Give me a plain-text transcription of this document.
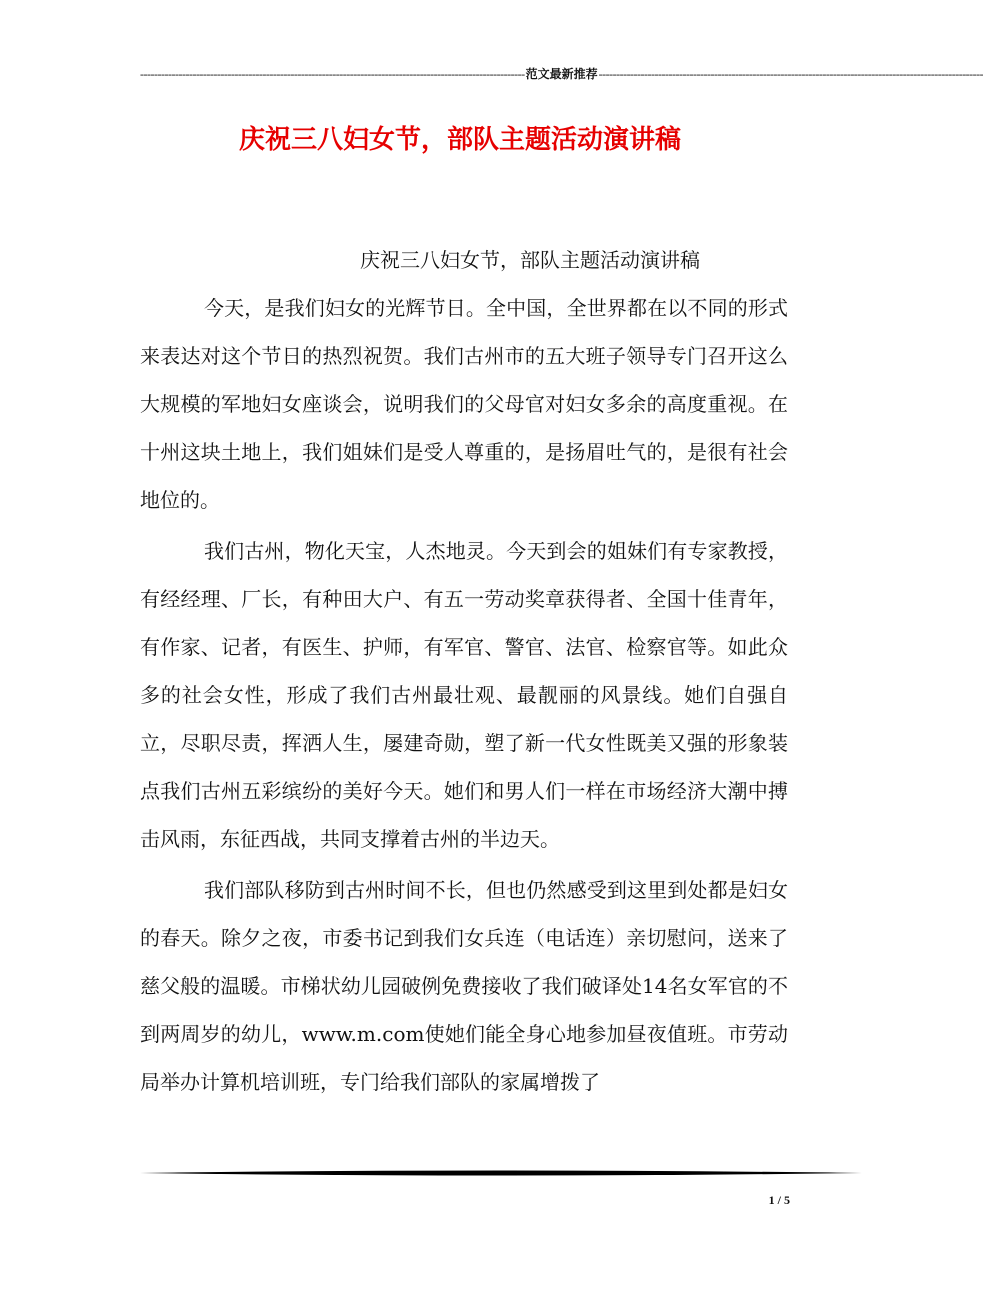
-------------------------------------------------------------------------------------------------------------- 范文最新推荐 --------------------------------------------------------------------------------------------------------------
庆祝三八妇女节，部队主题活动演讲稿

庆祝三八妇女节，部队主题活动演讲稿

今天，是我们妇女的光辉节日。全中国，全世界都在以不同的形式来表达对这个节日的热烈祝贺。我们古州市的五大班子领导专门召开这么大规模的军地妇女座谈会，说明我们的父母官对妇女多余的高度重视。在十州这块土地上，我们姐妹们是受人尊重的，是扬眉吐气的，是很有社会地位的。

我们古州，物化天宝，人杰地灵。今天到会的姐妹们有专家教授，有经经理、厂长，有种田大户、有五一劳动奖章获得者、全国十佳青年，有作家、记者，有医生、护师，有军官、警官、法官、检察官等。如此众多的社会女性，形成了我们古州最壮观、最靓丽的风景线。她们自强自立，尽职尽责，挥洒人生，屡建奇勋，塑了新一代女性既美又强的形象装点我们古州五彩缤纷的美好今天。她们和男人们一样在市场经济大潮中搏击风雨，东征西战，共同支撑着古州的半边天。

我们部队移防到古州时间不长，但也仍然感受到这里到处都是妇女的春天。除夕之夜，市委书记到我们女兵连（电话连）亲切慰问，送来了慈父般的温暖。市梯状幼儿园破例免费接收了我们破译处14名女军官的不到两周岁的幼儿，www.m.com使她们能全身心地参加昼夜值班。市劳动局举办计算机培训班，专门给我们部队的家属增拨了

1 / 5
